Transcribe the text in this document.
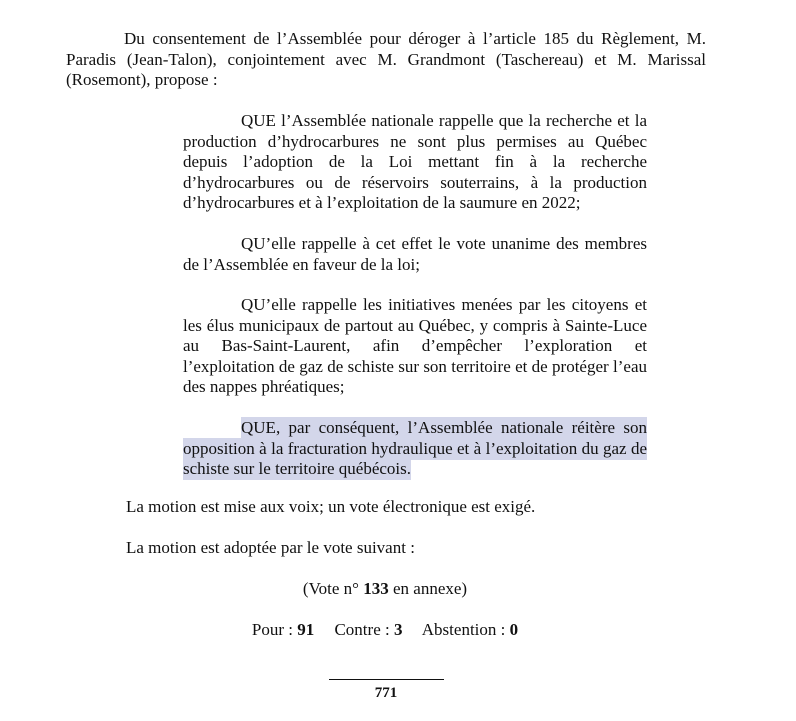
Du consentement de l’Assemblée pour déroger à l’article 185 du Règlement, M. Paradis (Jean-Talon), conjointement avec M. Grandmont (Taschereau) et M. Marissal (Rosemont), propose :

QUE l’Assemblée nationale rappelle que la recherche et la production d’hydrocarbures ne sont plus permises au Québec depuis l’adoption de la Loi mettant fin à la recherche d’hydrocarbures ou de réservoirs souterrains, à la production d’hydrocarbures et à l’exploitation de la saumure en 2022;

QU’elle rappelle à cet effet le vote unanime des membres de l’Assemblée en faveur de la loi;

QU’elle rappelle les initiatives menées par les citoyens et les élus municipaux de partout au Québec, y compris à Sainte-Luce au Bas-Saint-Laurent, afin d’empêcher l’exploration et l’exploitation de gaz de schiste sur son territoire et de protéger l’eau des nappes phréatiques;

QUE, par conséquent, l’Assemblée nationale réitère son opposition à la fracturation hydraulique et à l’exploitation du gaz de schiste sur le territoire québécois.

La motion est mise aux voix; un vote électronique est exigé.

La motion est adoptée par le vote suivant :

(Vote n° 133 en annexe)
Pour : 91 Contre : 3 Abstention : 0
771
